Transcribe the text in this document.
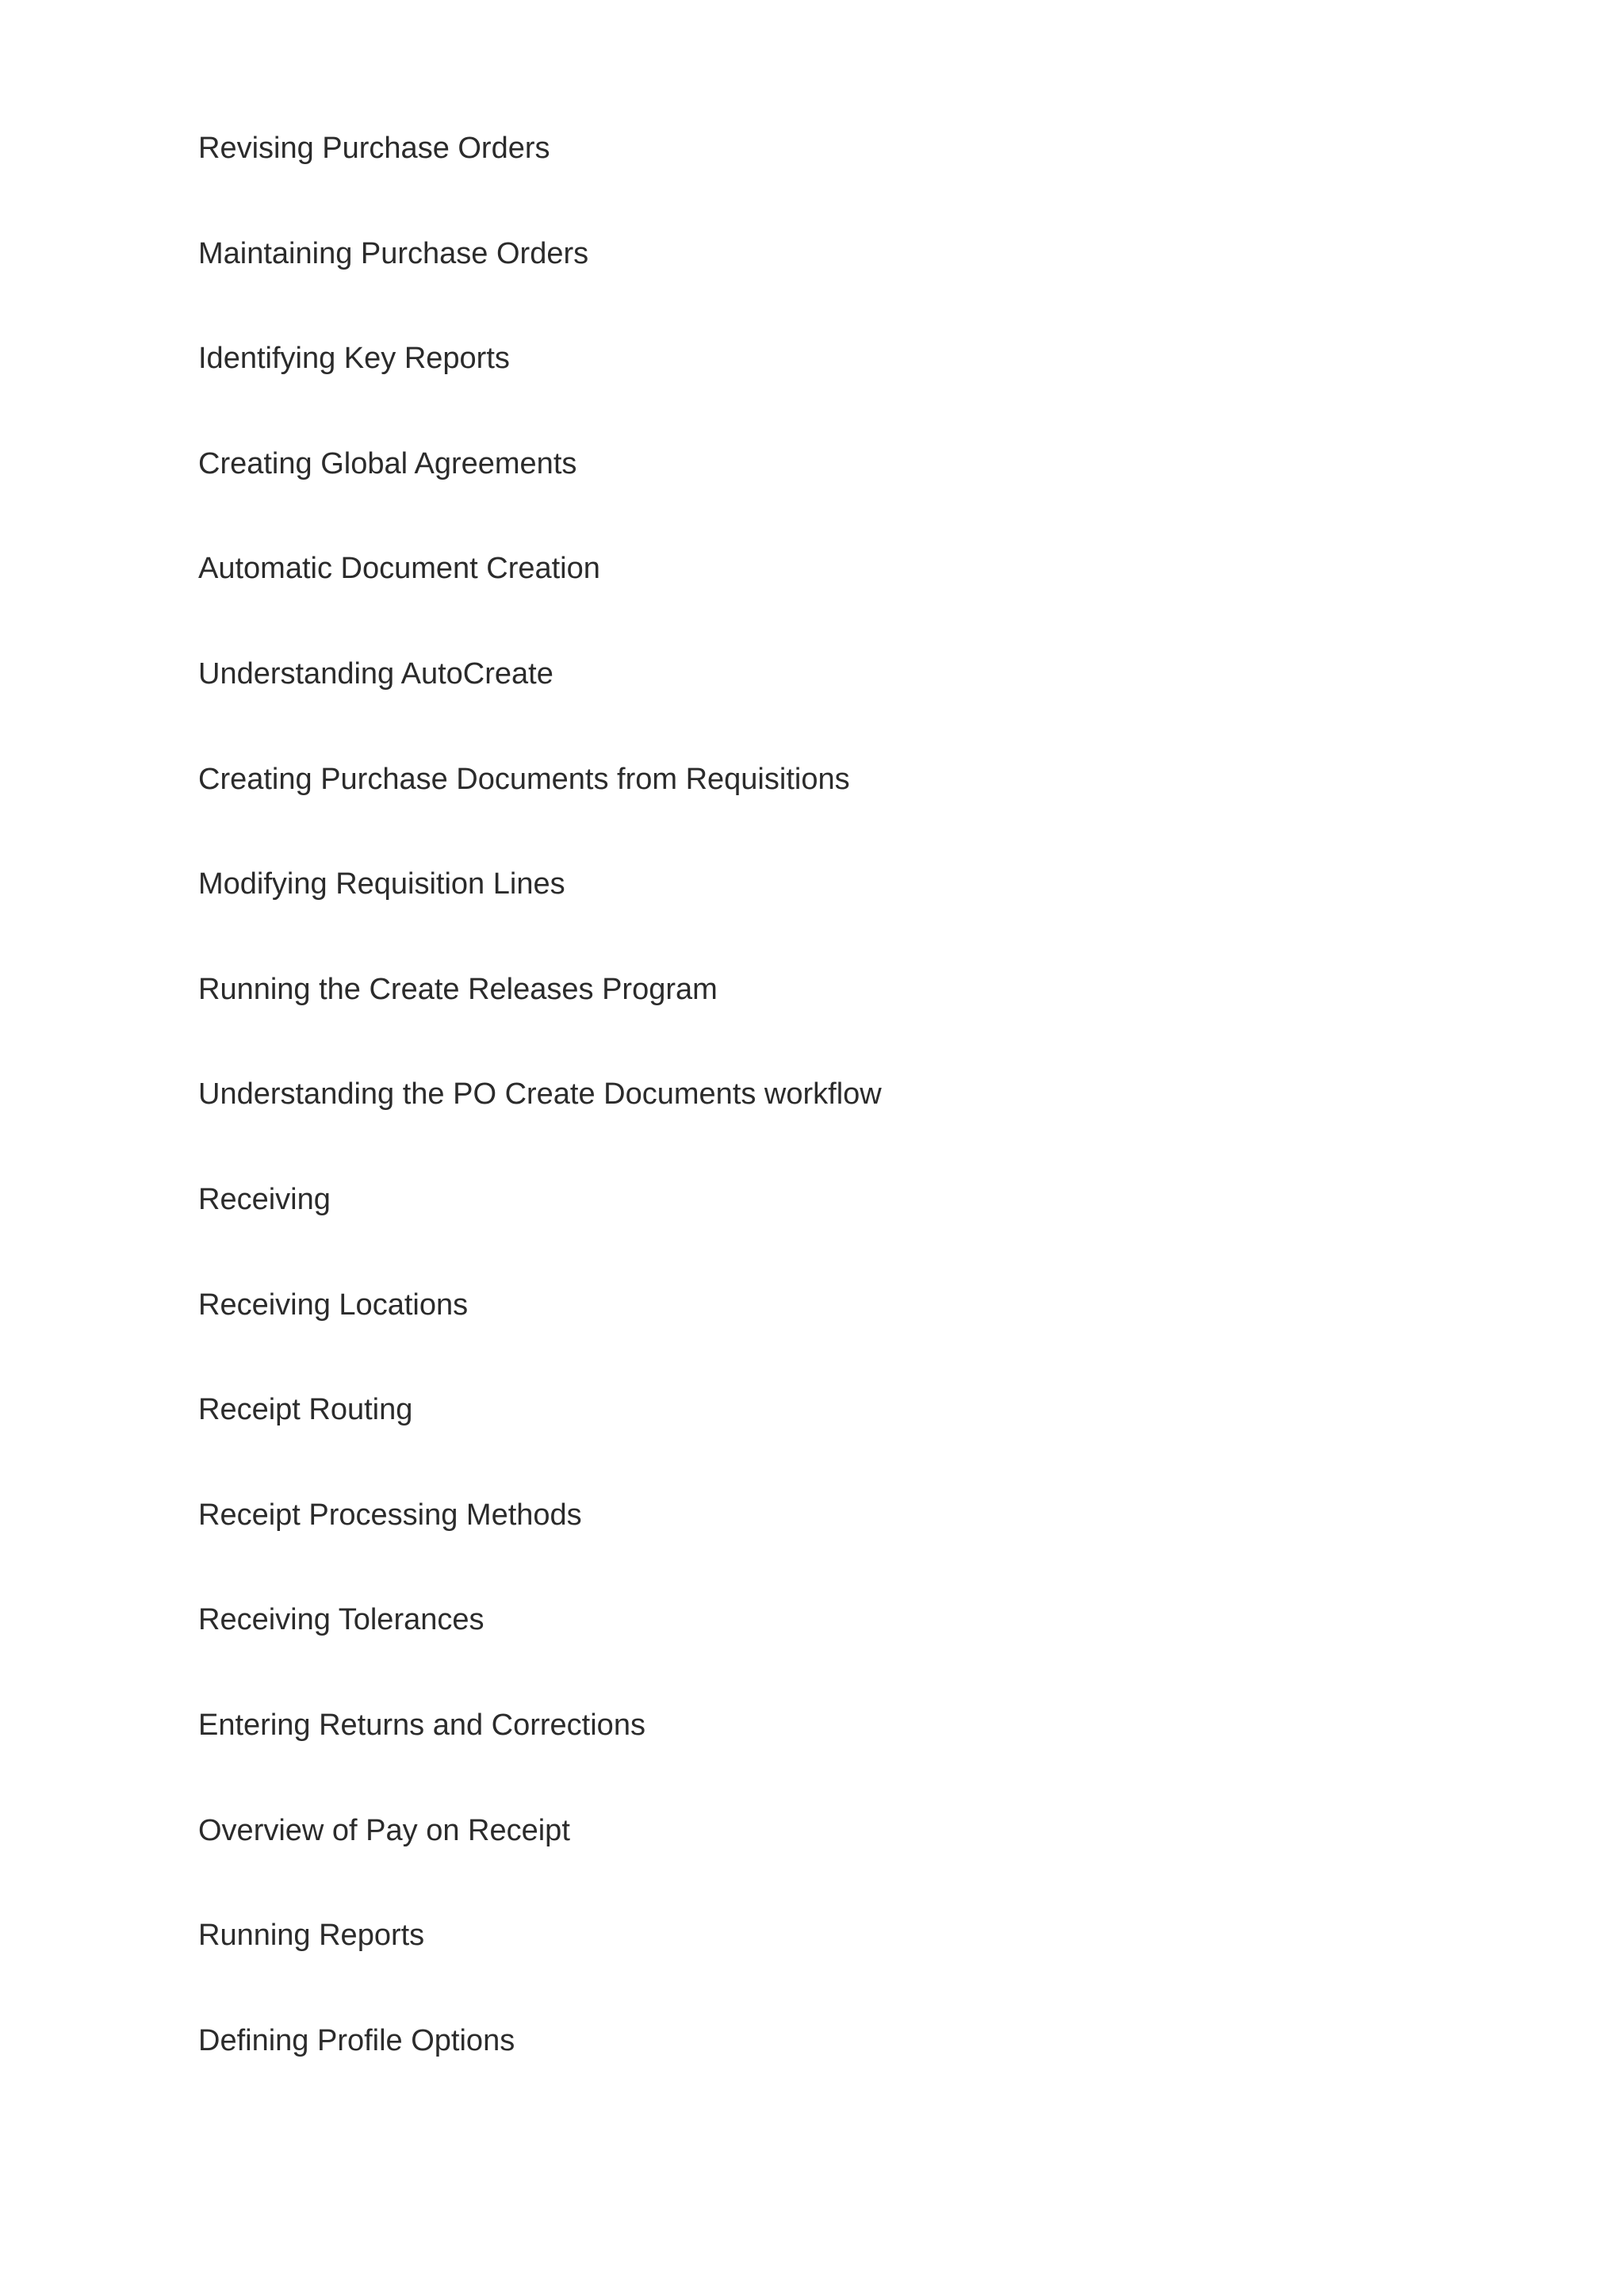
Revising Purchase Orders
Maintaining Purchase Orders
Identifying Key Reports
Creating Global Agreements
Automatic Document Creation
Understanding AutoCreate
Creating Purchase Documents from Requisitions
Modifying Requisition Lines
Running the Create Releases Program
Understanding the PO Create Documents workflow
Receiving
Receiving Locations
Receipt Routing
Receipt Processing Methods
Receiving Tolerances
Entering Returns and Corrections
Overview of Pay on Receipt
Running Reports
Defining Profile Options
